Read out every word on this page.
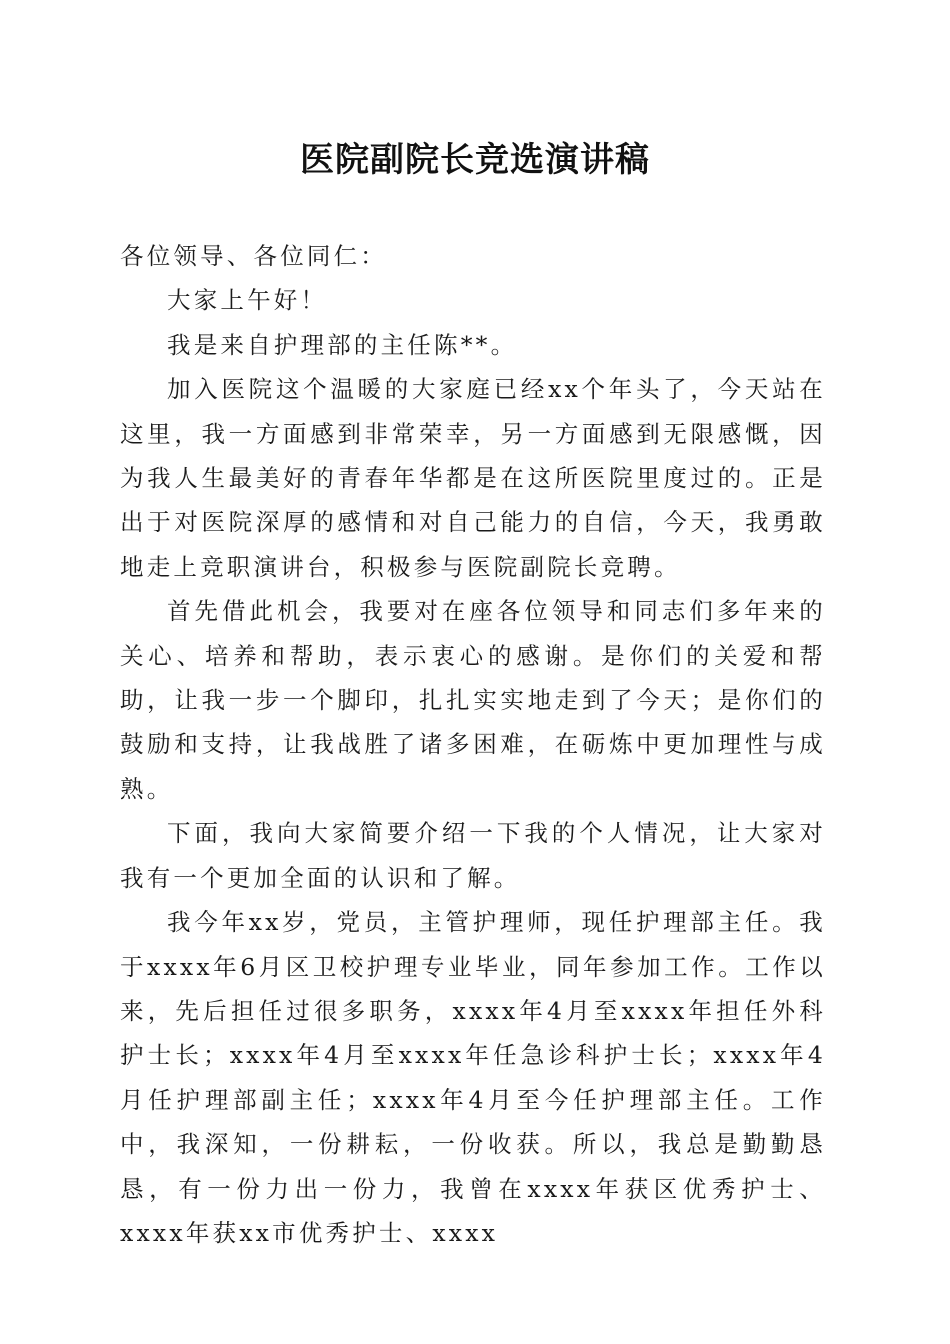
医院副院长竞选演讲稿

各位领导、各位同仁：

大家上午好！

我是来自护理部的主任陈**。

加入医院这个温暖的大家庭已经xx个年头了，今天站在这里，我一方面感到非常荣幸，另一方面感到无限感慨，因为我人生最美好的青春年华都是在这所医院里度过的。正是出于对医院深厚的感情和对自己能力的自信，今天，我勇敢地走上竞职演讲台，积极参与医院副院长竞聘。

首先借此机会，我要对在座各位领导和同志们多年来的关心、培养和帮助，表示衷心的感谢。是你们的关爱和帮助，让我一步一个脚印，扎扎实实地走到了今天；是你们的鼓励和支持，让我战胜了诸多困难，在砺炼中更加理性与成熟。

下面，我向大家简要介绍一下我的个人情况，让大家对我有一个更加全面的认识和了解。

我今年xx岁，党员，主管护理师，现任护理部主任。我于xxxx年6月区卫校护理专业毕业，同年参加工作。工作以来，先后担任过很多职务，xxxx年4月至xxxx年担任外科护士长；xxxx年4月至xxxx年任急诊科护士长；xxxx年4月任护理部副主任；xxxx年4月至今任护理部主任。工作中，我深知，一份耕耘，一份收获。所以，我总是勤勤恳恳，有一份力出一份力，我曾在xxxx年获区优秀护士、xxxx年获xx市优秀护士、xxxx
